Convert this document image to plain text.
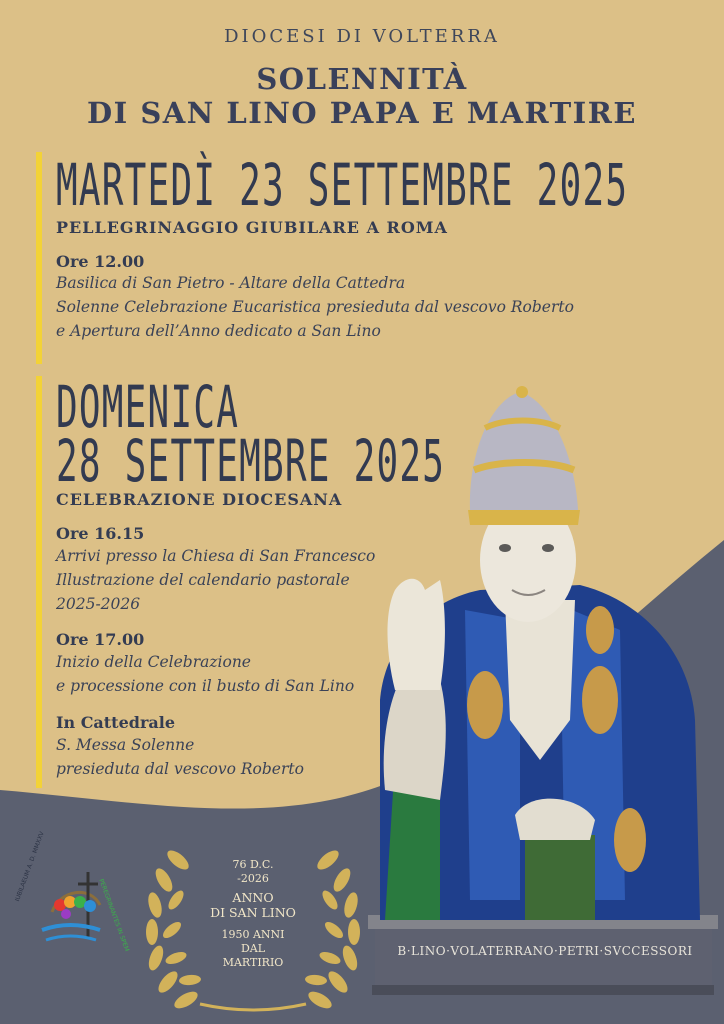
DIOCESI DI VOLTERRA
SOLENNITÀ
DI SAN LINO PAPA E MARTIRE
MARTEDÌ 23 SETTEMBRE 2025
PELLEGRINAGGIO GIUBILARE A ROMA
Ore 12.00
Basilica di San Pietro - Altare della Cattedra
Solenne Celebrazione Eucaristica presieduta dal vescovo Roberto
e Apertura dell’Anno dedicato a San Lino
DOMENICA
28 SETTEMBRE 2025
CELEBRAZIONE DIOCESANA
Ore 16.15
Arrivi presso la Chiesa di San Francesco
Illustrazione del calendario pastorale
2025-2026
Ore 17.00
Inizio della Celebrazione
e processione con il busto di San Lino
In Cattedrale
S. Messa Solenne
presieduta dal vescovo Roberto
76 D.C.
-2026
ANNO
DI SAN LINO
1950 ANNI
DAL
MARTIRIO
B·LINO·VOLATERRANO·PETRI·SVCCESSORI
IUBILAEUM A. D. MMXXV
PEREGRINANTES IN SPEM
